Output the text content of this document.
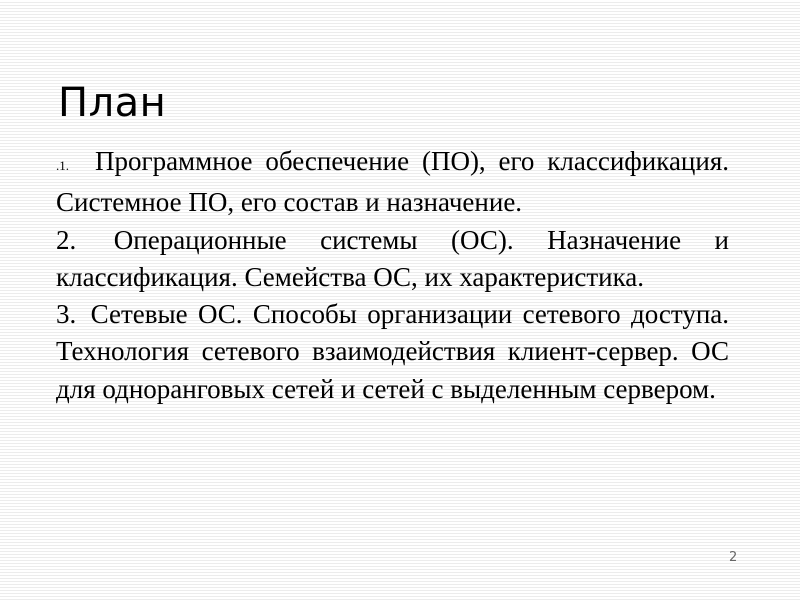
План

.1. Программное обеспечение (ПО), его классификация. Системное ПО, его состав и назначение.

2. Операционные системы (ОС). Назначение и классификация. Семейства ОС, их характеристика.

3. Сетевые ОС. Способы организации сетевого доступа. Технология сетевого взаимодействия клиент-сервер. ОС для одноранговых сетей и сетей с выделенным сервером.

2
